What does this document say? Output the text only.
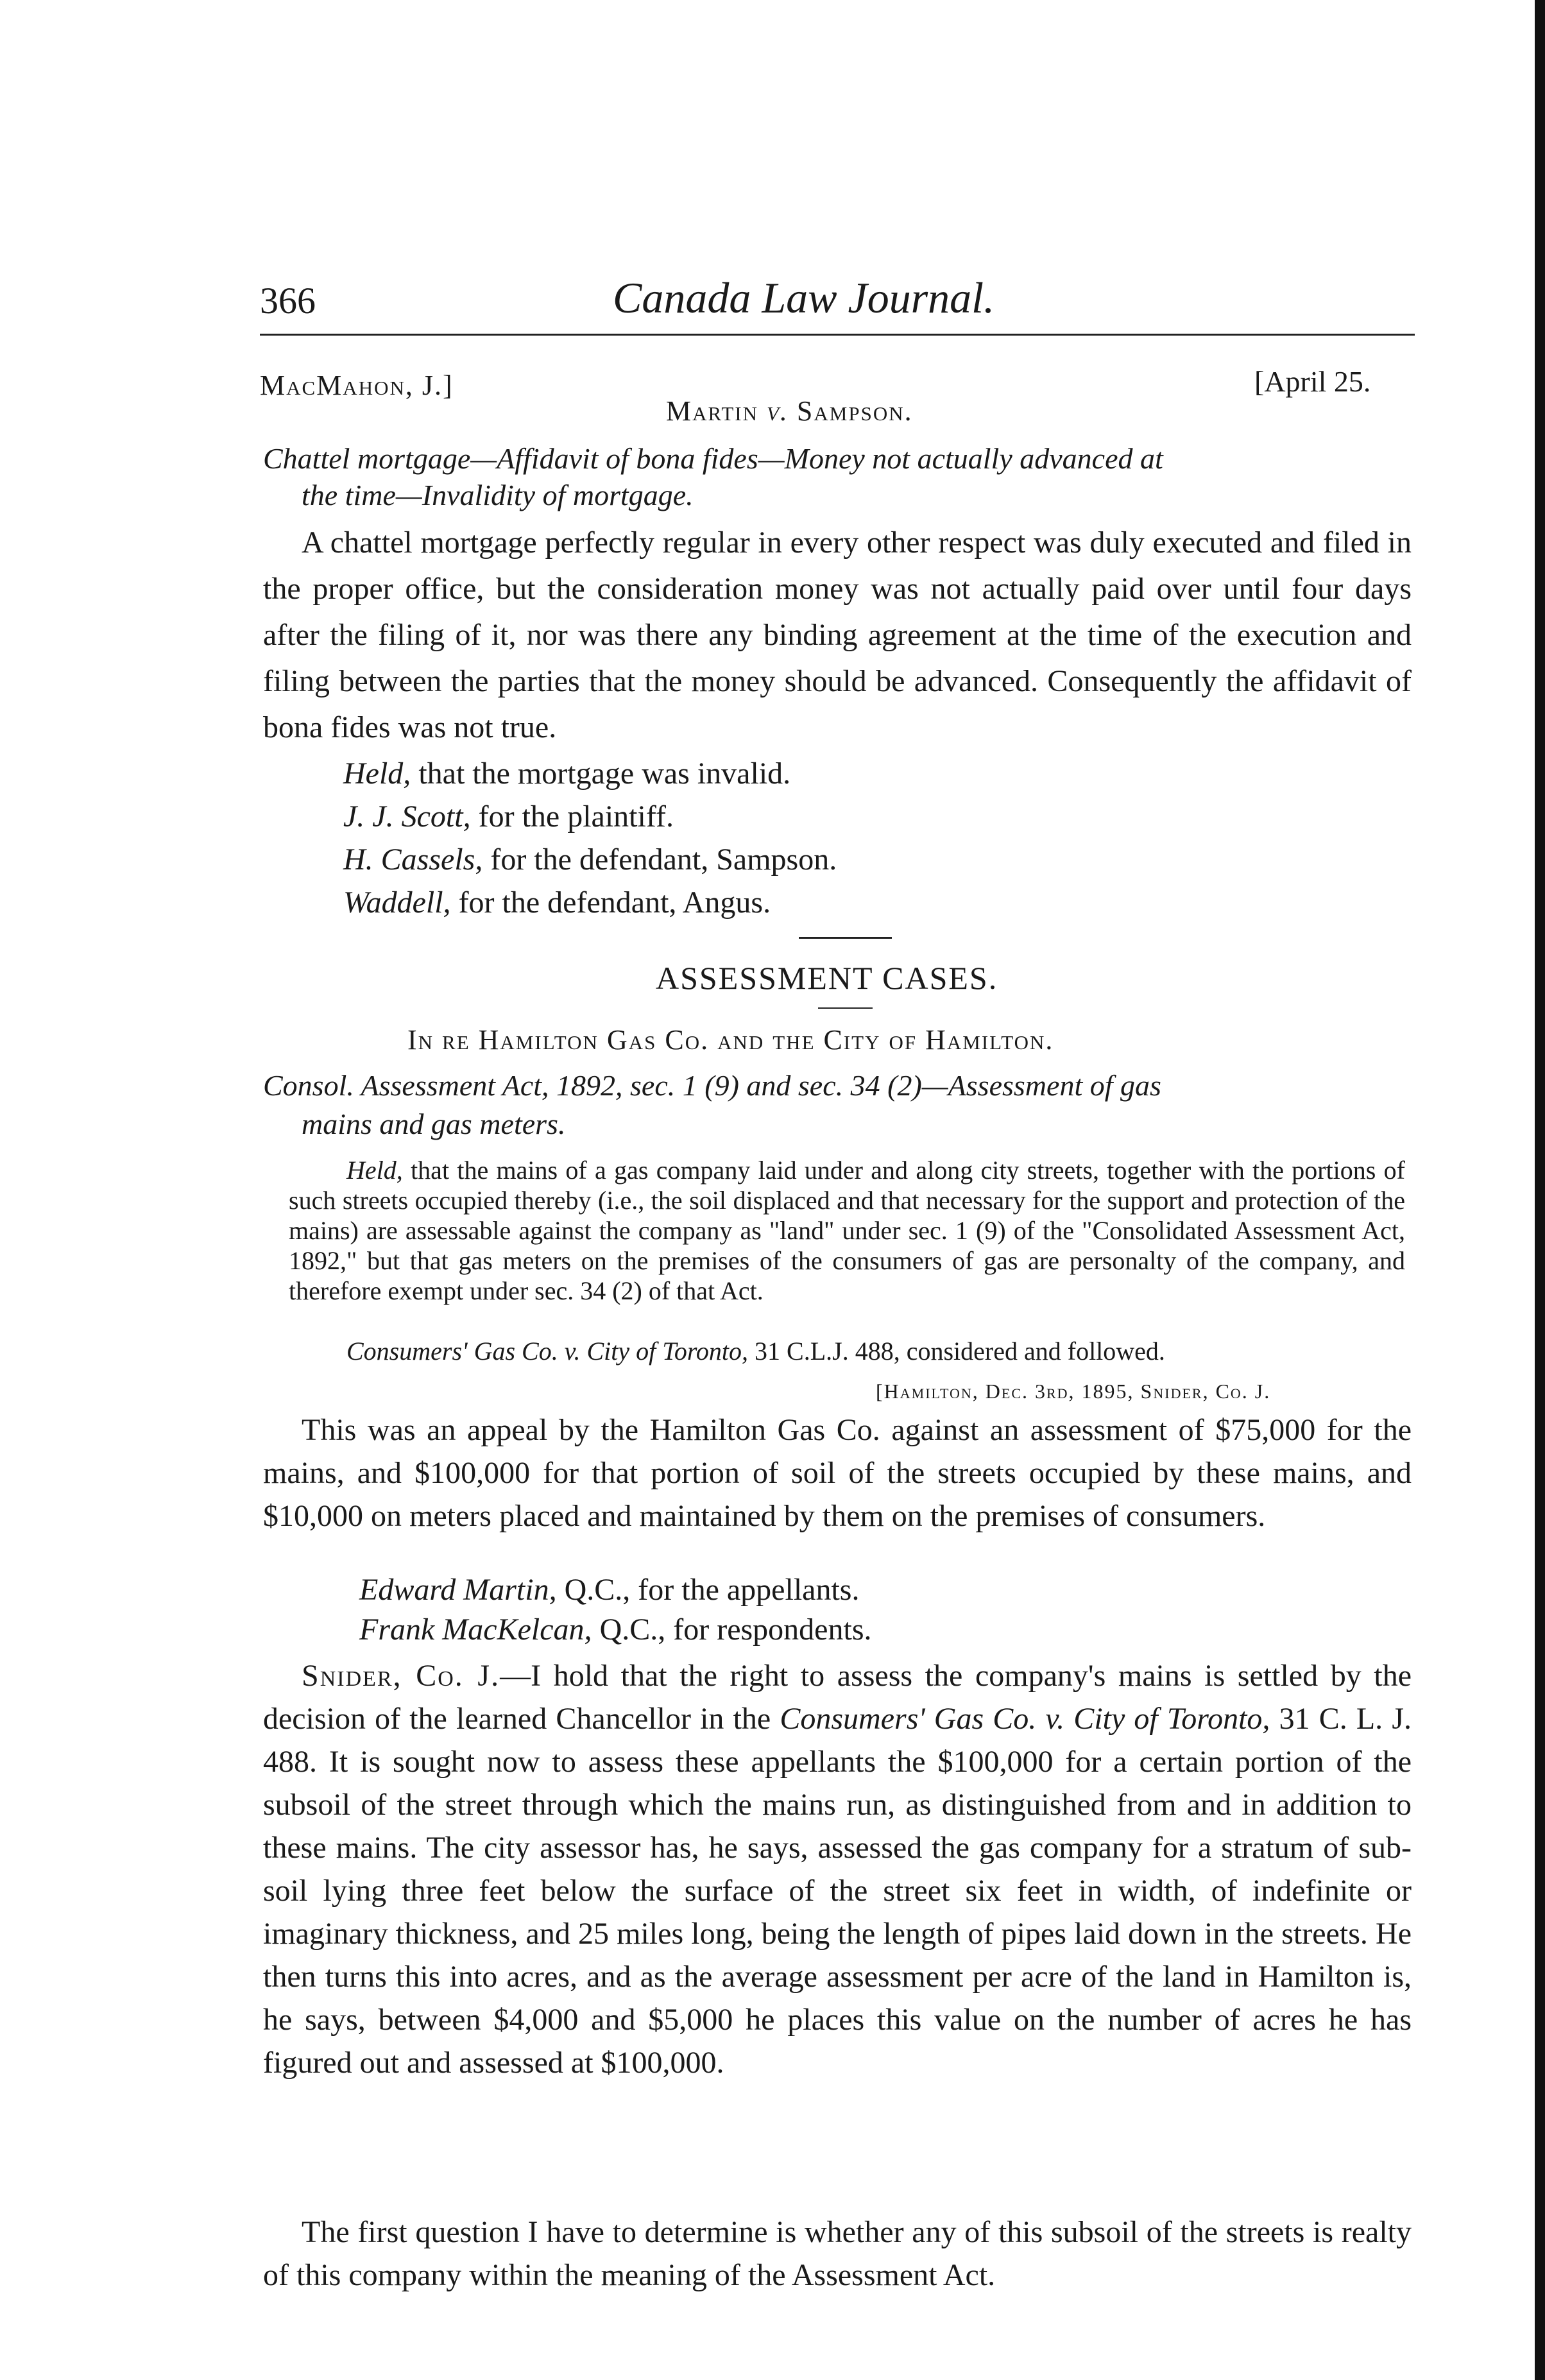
366	Canada Law Journal.
MacMahon, J.]	[April 25.
Martin v. Sampson.
Chattel mortgage—Affidavit of bona fides—Money not actually advanced at
the time—Invalidity of mortgage.
A chattel mortgage perfectly regular in every other respect was duly executed and filed in the proper office, but the consideration money was not actually paid over until four days after the filing of it, nor was there any binding agreement at the time of the execution and filing between the parties that the money should be advanced. Consequently the affidavit of bona fides was not true.
Held, that the mortgage was invalid.
J. J. Scott, for the plaintiff.
H. Cassels, for the defendant, Sampson.
Waddell, for the defendant, Angus.
ASSESSMENT CASES.
In re Hamilton Gas Co. and the City of Hamilton.
Consol. Assessment Act, 1892, sec. 1 (9) and sec. 34 (2)—Assessment of gas
mains and gas meters.
Held, that the mains of a gas company laid under and along city streets, together with the portions of such streets occupied thereby (i.e., the soil displaced and that necessary for the support and protection of the mains) are assessable against the company as "land" under sec. 1 (9) of the "Consolidated Assessment Act, 1892," but that gas meters on the premises of the consumers of gas are personalty of the company, and therefore exempt under sec. 34 (2) of that Act.
Consumers' Gas Co. v. City of Toronto, 31 C.L.J. 488, considered and followed.
[Hamilton, Dec. 3rd, 1895, Snider, Co. J.
This was an appeal by the Hamilton Gas Co. against an assessment of $75,000 for the mains, and $100,000 for that portion of soil of the streets occupied by these mains, and $10,000 on meters placed and maintained by them on the premises of consumers.
Edward Martin, Q.C., for the appellants.
Frank MacKelcan, Q.C., for respondents.
Snider, Co. J.—I hold that the right to assess the company's mains is settled by the decision of the learned Chancellor in the Consumers' Gas Co. v. City of Toronto, 31 C. L. J. 488. It is sought now to assess these appellants the $100,000 for a certain portion of the subsoil of the street through which the mains run, as distinguished from and in addition to these mains. The city assessor has, he says, assessed the gas company for a stratum of sub-soil lying three feet below the surface of the street six feet in width, of indefinite or imaginary thickness, and 25 miles long, being the length of pipes laid down in the streets. He then turns this into acres, and as the average assessment per acre of the land in Hamilton is, he says, between $4,000 and $5,000 he places this value on the number of acres he has figured out and assessed at $100,000.
The first question I have to determine is whether any of this subsoil of the streets is realty of this company within the meaning of the Assessment Act.
